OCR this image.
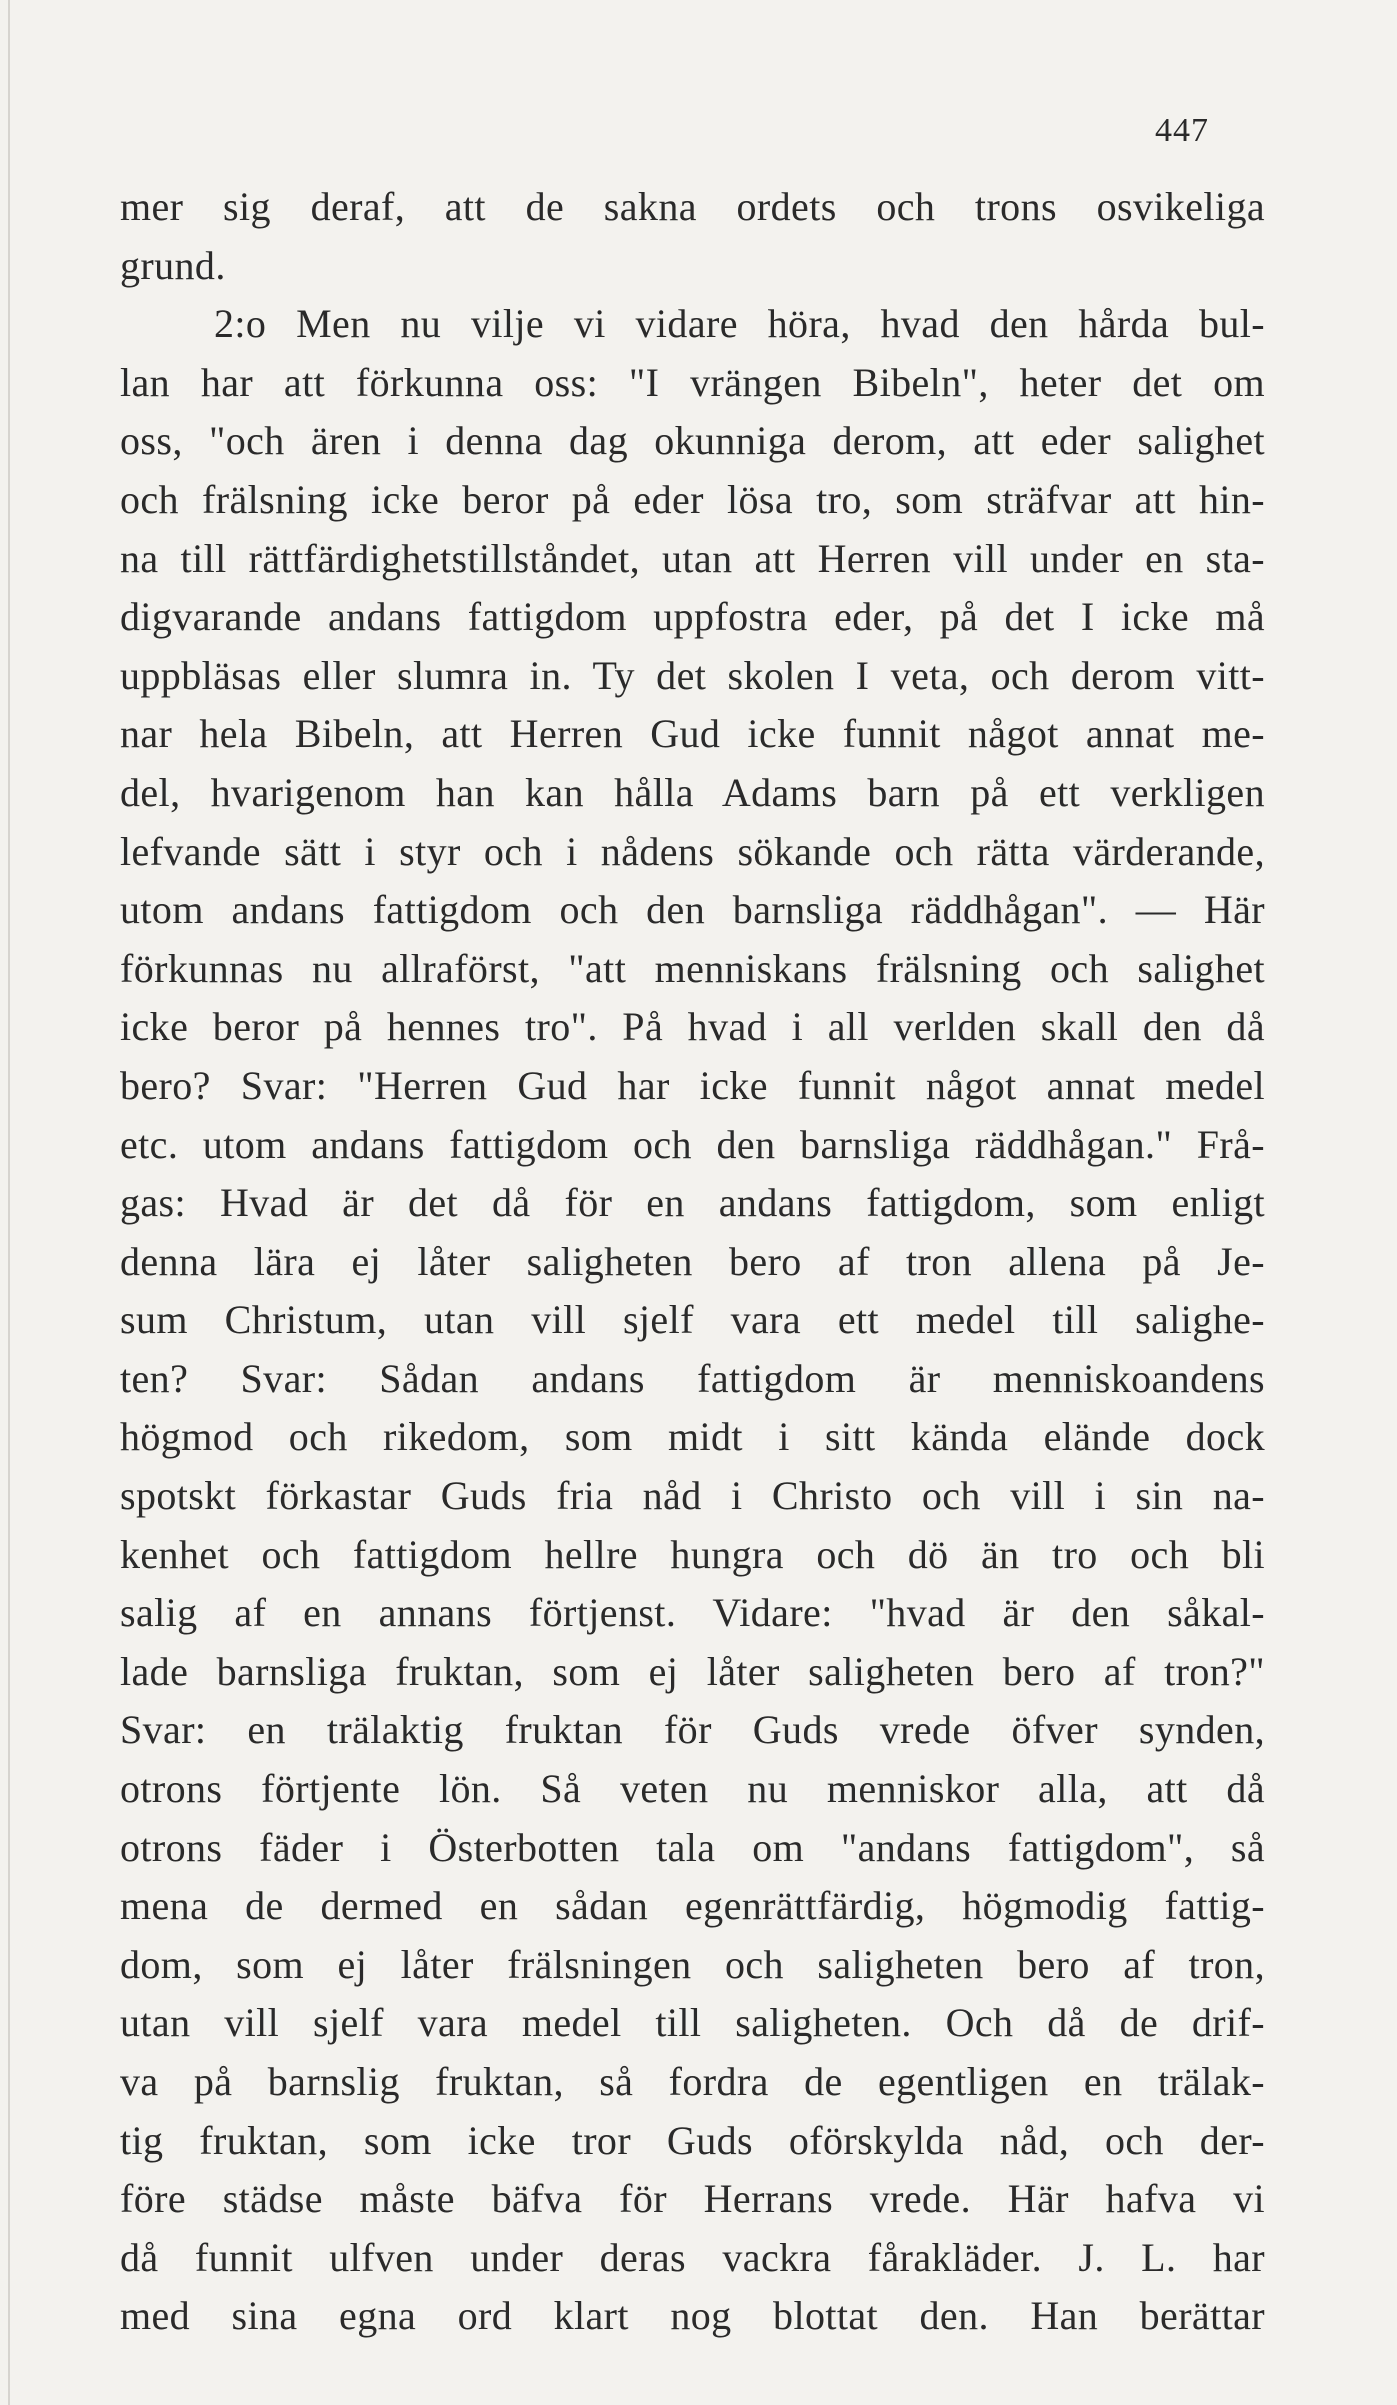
447
mer sig deraf, att de sakna ordets och trons osvikeliga
grund.
2:o Men nu vilje vi vidare höra, hvad den hårda bul-
lan har att förkunna oss: "I vrängen Bibeln", heter det om
oss, "och ären i denna dag okunniga derom, att eder salighet
och frälsning icke beror på eder lösa tro, som sträfvar att hin-
na till rättfärdighetstillståndet, utan att Herren vill under en sta-
digvarande andans fattigdom uppfostra eder, på det I icke må
uppbläsas eller slumra in. Ty det skolen I veta, och derom vitt-
nar hela Bibeln, att Herren Gud icke funnit något annat me-
del, hvarigenom han kan hålla Adams barn på ett verkligen
lefvande sätt i styr och i nådens sökande och rätta värderande,
utom andans fattigdom och den barnsliga räddhågan". — Här
förkunnas nu allraförst, "att menniskans frälsning och salighet
icke beror på hennes tro". På hvad i all verlden skall den då
bero? Svar: "Herren Gud har icke funnit något annat medel
etc. utom andans fattigdom och den barnsliga räddhågan." Frå-
gas: Hvad är det då för en andans fattigdom, som enligt
denna lära ej låter saligheten bero af tron allena på Je-
sum Christum, utan vill sjelf vara ett medel till salighe-
ten? Svar: Sådan andans fattigdom är menniskoandens
högmod och rikedom, som midt i sitt kända elände dock
spotskt förkastar Guds fria nåd i Christo och vill i sin na-
kenhet och fattigdom hellre hungra och dö än tro och bli
salig af en annans förtjenst. Vidare: "hvad är den såkal-
lade barnsliga fruktan, som ej låter saligheten bero af tron?"
Svar: en trälaktig fruktan för Guds vrede öfver synden,
otrons förtjente lön. Så veten nu menniskor alla, att då
otrons fäder i Österbotten tala om "andans fattigdom", så
mena de dermed en sådan egenrättfärdig, högmodig fattig-
dom, som ej låter frälsningen och saligheten bero af tron,
utan vill sjelf vara medel till saligheten. Och då de drif-
va på barnslig fruktan, så fordra de egentligen en trälak-
tig fruktan, som icke tror Guds oförskylda nåd, och der-
före städse måste bäfva för Herrans vrede. Här hafva vi
då funnit ulfven under deras vackra fårakläder. J. L. har
med sina egna ord klart nog blottat den. Han berättar
